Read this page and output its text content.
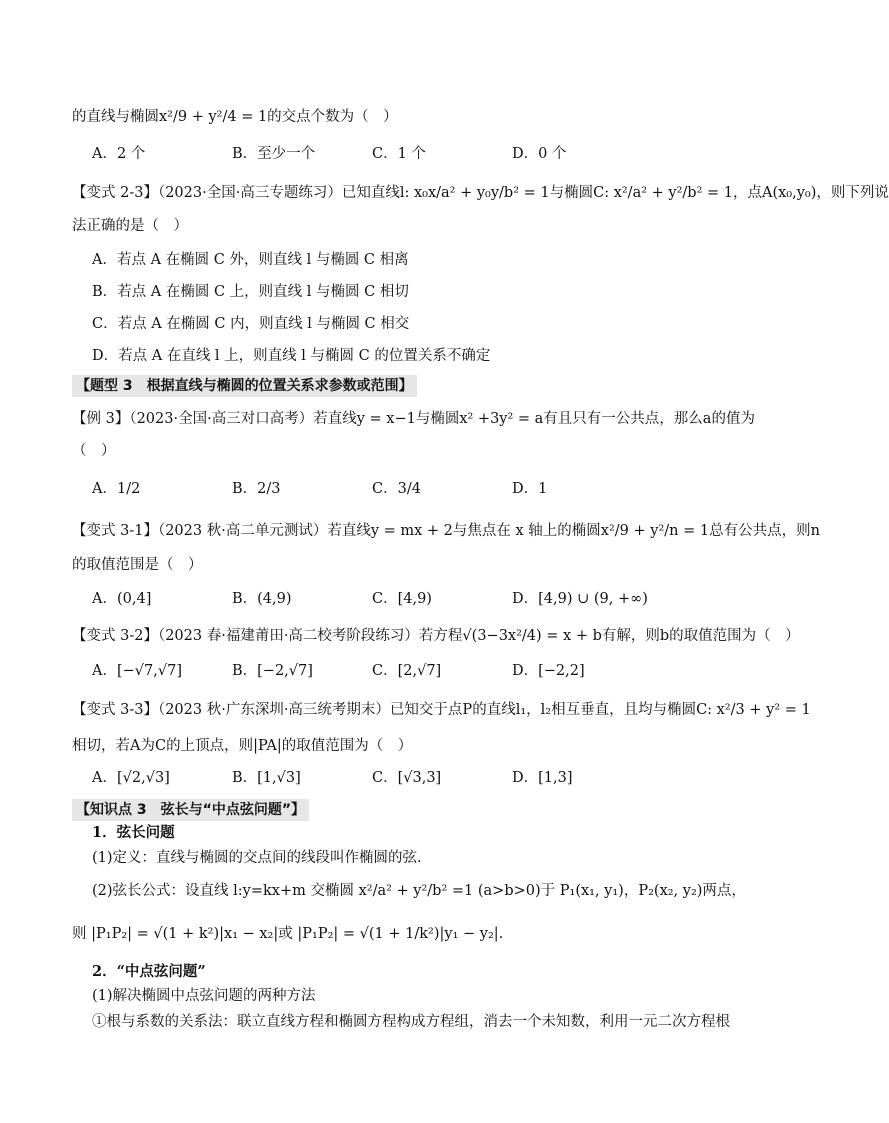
的直线与椭圆x²/9 + y²/4 = 1的交点个数为（　）
A．2 个	B．至少一个	C．1 个	D．0 个
【变式 2-3】（2023·全国·高三专题练习）已知直线l: x₀x/a² + y₀y/b² = 1与椭圆C: x²/a² + y²/b² = 1，点A(x₀,y₀)，则下列说
法正确的是（　）
A．若点 A 在椭圆 C 外，则直线 l 与椭圆 C 相离
B．若点 A 在椭圆 C 上，则直线 l 与椭圆 C 相切
C．若点 A 在椭圆 C 内，则直线 l 与椭圆 C 相交
D．若点 A 在直线 l 上，则直线 l 与椭圆 C 的位置关系不确定
【题型 3　根据直线与椭圆的位置关系求参数或范围】
【例 3】（2023·全国·高三对口高考）若直线y = x−1与椭圆x² +3y² = a有且只有一公共点，那么a的值为
（　）
A．1/2	B．2/3	C．3/4	D．1
【变式 3-1】（2023 秋·高二单元测试）若直线y = mx + 2与焦点在 x 轴上的椭圆x²/9 + y²/n = 1总有公共点，则n
的取值范围是（　）
A．(0,4]	B．(4,9)	C．[4,9)	D．[4,9) ∪ (9, +∞)
【变式 3-2】（2023 春·福建莆田·高二校考阶段练习）若方程√(3−3x²/4) = x + b有解，则b的取值范围为（　）
A．[−√7,√7]	B．[−2,√7]	C．[2,√7]	D．[−2,2]
【变式 3-3】（2023 秋·广东深圳·高三统考期末）已知交于点P的直线l₁，l₂相互垂直，且均与椭圆C: x²/3 + y² = 1
相切，若A为C的上顶点，则|PA|的取值范围为（　）
A．[√2,√3]	B．[1,√3]	C．[√3,3]	D．[1,3]
【知识点 3　弦长与“中点弦问题”】
1．弦长问题
(1)定义：直线与椭圆的交点间的线段叫作椭圆的弦.
(2)弦长公式：设直线 l:y=kx+m 交椭圆 x²/a² + y²/b² =1 (a>b>0)于 P₁(x₁, y₁)，P₂(x₂, y₂)两点，
则 |P₁P₂| = √(1 + k²)|x₁ − x₂|或 |P₁P₂| = √(1 + 1/k²)|y₁ − y₂|.
2．“中点弦问题”
(1)解决椭圆中点弦问题的两种方法
①根与系数的关系法：联立直线方程和椭圆方程构成方程组，消去一个未知数，利用一元二次方程根
